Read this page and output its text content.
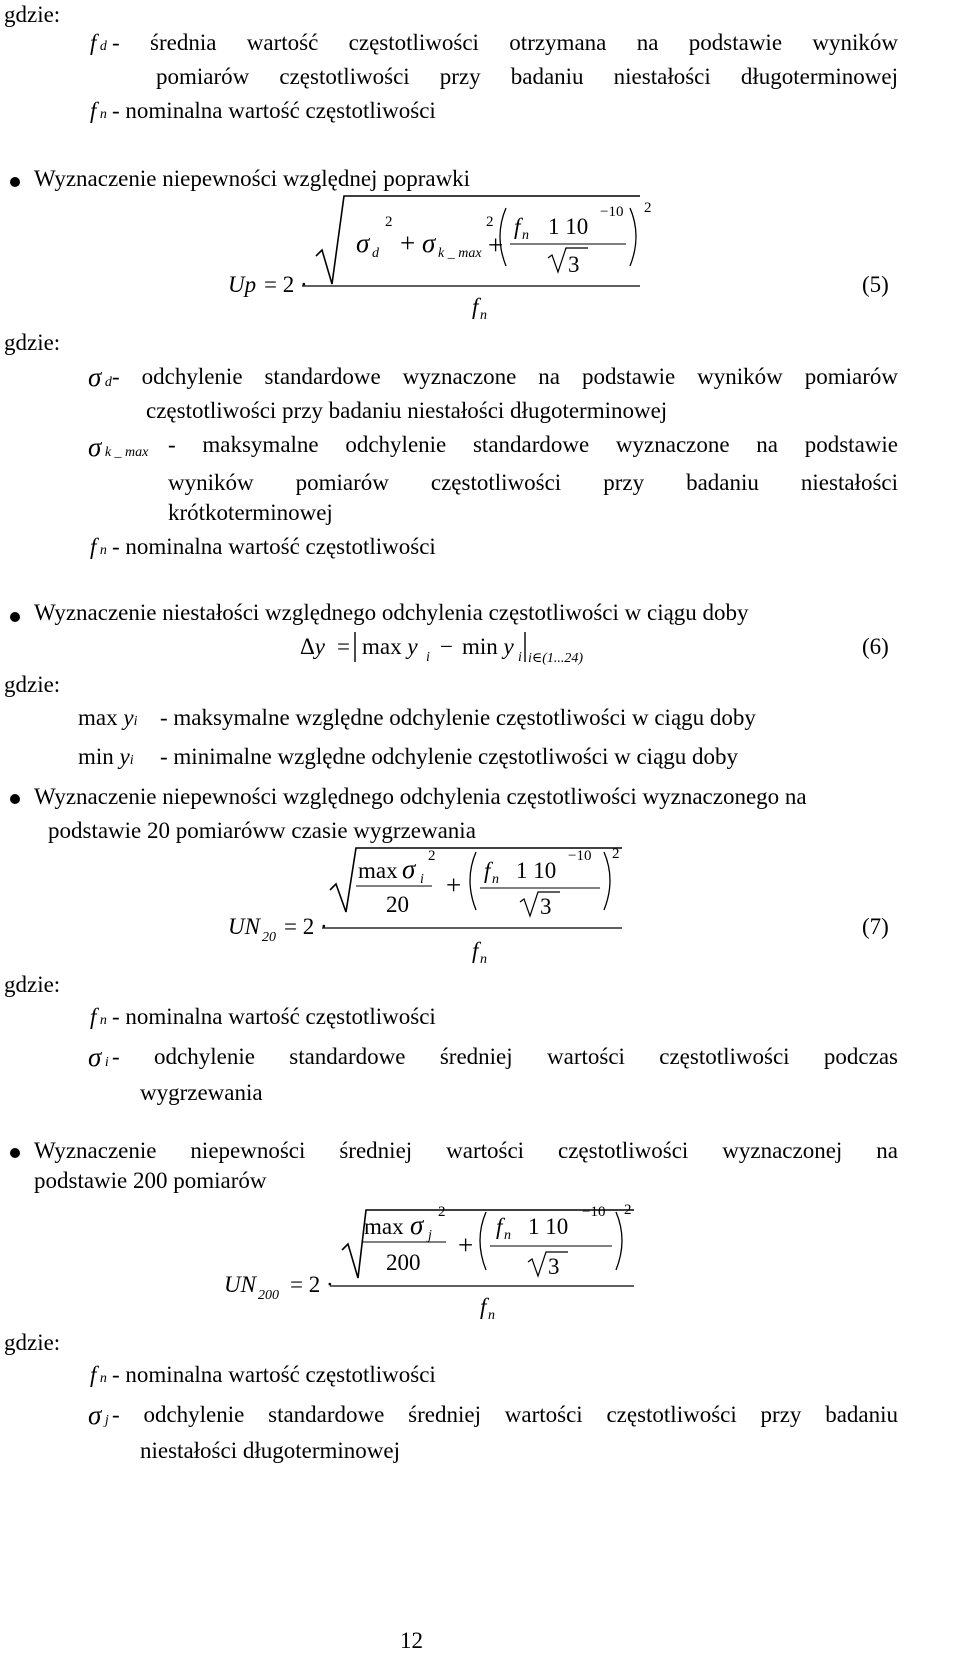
gdzie:
f d - średnia wartość częstotliwości otrzymana na podstawie wyników
pomiarów częstotliwości przy badaniu niestałości długoterminowej
f n - nominalna wartość częstotliwości
Wyznaczenie niepewności względnej poprawki
σ d
2
+ σ k _ max
2
+
f n 1 10
−10
3
2
Up = 2 ·
f n
(5)
gdzie:
σ d - odchylenie standardowe wyznaczone na podstawie wyników pomiarów
częstotliwości przy badaniu niestałości długoterminowej
σ k _ max - maksymalne odchylenie standardowe wyznaczone na podstawie
wyników pomiarów częstotliwości przy badaniu niestałości
krótkoterminowej
f n - nominalna wartość częstotliwości
Wyznaczenie niestałości względnego odchylenia częstotliwości w ciągu doby
Δy = max y i − min y i i∈(1...24)	(6)
gdzie:
max yi - maksymalne względne odchylenie częstotliwości w ciągu doby
min yi - minimalne względne odchylenie częstotliwości w ciągu doby
Wyznaczenie niepewności względnego odchylenia częstotliwości wyznaczonego na
podstawie 20 pomiaróww czasie wygrzewania
max σ i
2
20
+ f n 1 10
−10
3
2
UN 20 = 2 ·
f n
(7)
gdzie:
f n - nominalna wartość częstotliwości
σ i - odchylenie standardowe średniej wartości częstotliwości podczas
wygrzewania
Wyznaczenie niepewności średniej wartości częstotliwości wyznaczonej na
podstawie 200 pomiarów
max σ j
2
200
+
f n 1 10
−10
3
2
UN 200 = 2 ·
f n
gdzie:
f n - nominalna wartość częstotliwości
σ j - odchylenie standardowe średniej wartości częstotliwości przy badaniu
niestałości długoterminowej
12
